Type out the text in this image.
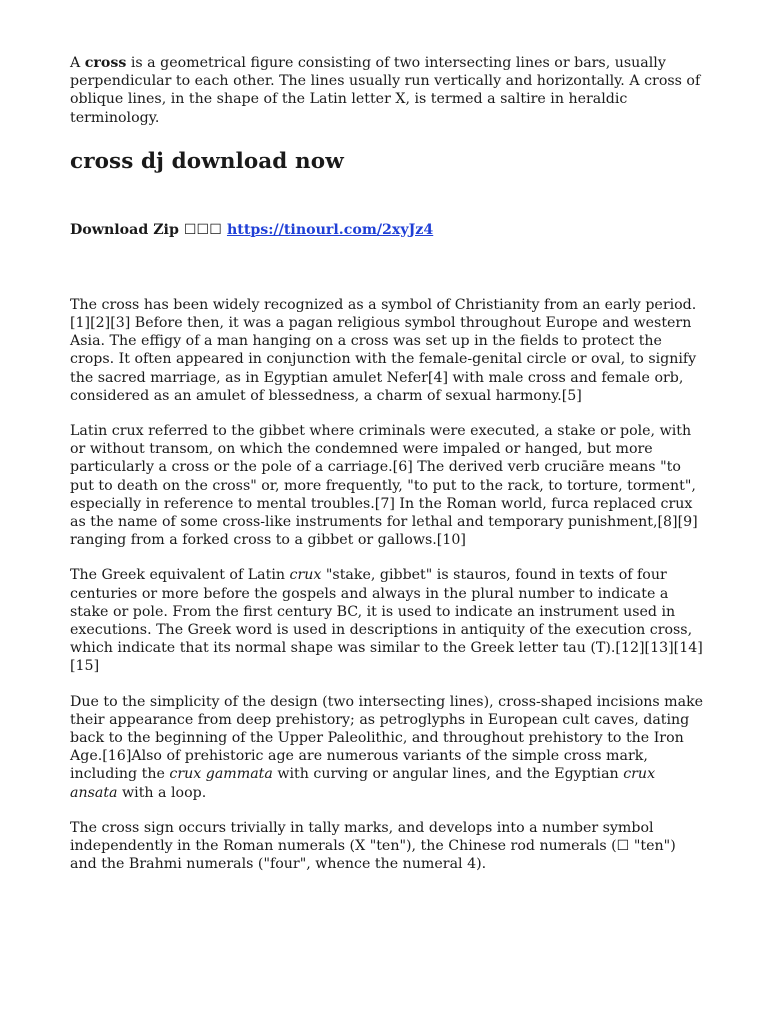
A cross is a geometrical figure consisting of two intersecting lines or bars, usually perpendicular to each other. The lines usually run vertically and horizontally. A cross of oblique lines, in the shape of the Latin letter X, is termed a saltire in heraldic terminology.

cross dj download now
Download Zip ☐☐☐ https://tinourl.com/2xyJz4

The cross has been widely recognized as a symbol of Christianity from an early period.[1][2][3] Before then, it was a pagan religious symbol throughout Europe and western Asia. The effigy of a man hanging on a cross was set up in the fields to protect the crops. It often appeared in conjunction with the female-genital circle or oval, to signify the sacred marriage, as in Egyptian amulet Nefer[4] with male cross and female orb, considered as an amulet of blessedness, a charm of sexual harmony.[5]

Latin crux referred to the gibbet where criminals were executed, a stake or pole, with or without transom, on which the condemned were impaled or hanged, but more particularly a cross or the pole of a carriage.[6] The derived verb cruciāre means "to put to death on the cross" or, more frequently, "to put to the rack, to torture, torment", especially in reference to mental troubles.[7] In the Roman world, furca replaced crux as the name of some cross-like instruments for lethal and temporary punishment,[8][9] ranging from a forked cross to a gibbet or gallows.[10]

The Greek equivalent of Latin crux "stake, gibbet" is stauros, found in texts of four centuries or more before the gospels and always in the plural number to indicate a stake or pole. From the first century BC, it is used to indicate an instrument used in executions. The Greek word is used in descriptions in antiquity of the execution cross, which indicate that its normal shape was similar to the Greek letter tau (T).[12][13][14][15]

Due to the simplicity of the design (two intersecting lines), cross-shaped incisions make their appearance from deep prehistory; as petroglyphs in European cult caves, dating back to the beginning of the Upper Paleolithic, and throughout prehistory to the Iron Age.[16]Also of prehistoric age are numerous variants of the simple cross mark, including the crux gammata with curving or angular lines, and the Egyptian crux ansata with a loop.

The cross sign occurs trivially in tally marks, and develops into a number symbol independently in the Roman numerals (X "ten"), the Chinese rod numerals (☐ "ten") and the Brahmi numerals ("four", whence the numeral 4).
